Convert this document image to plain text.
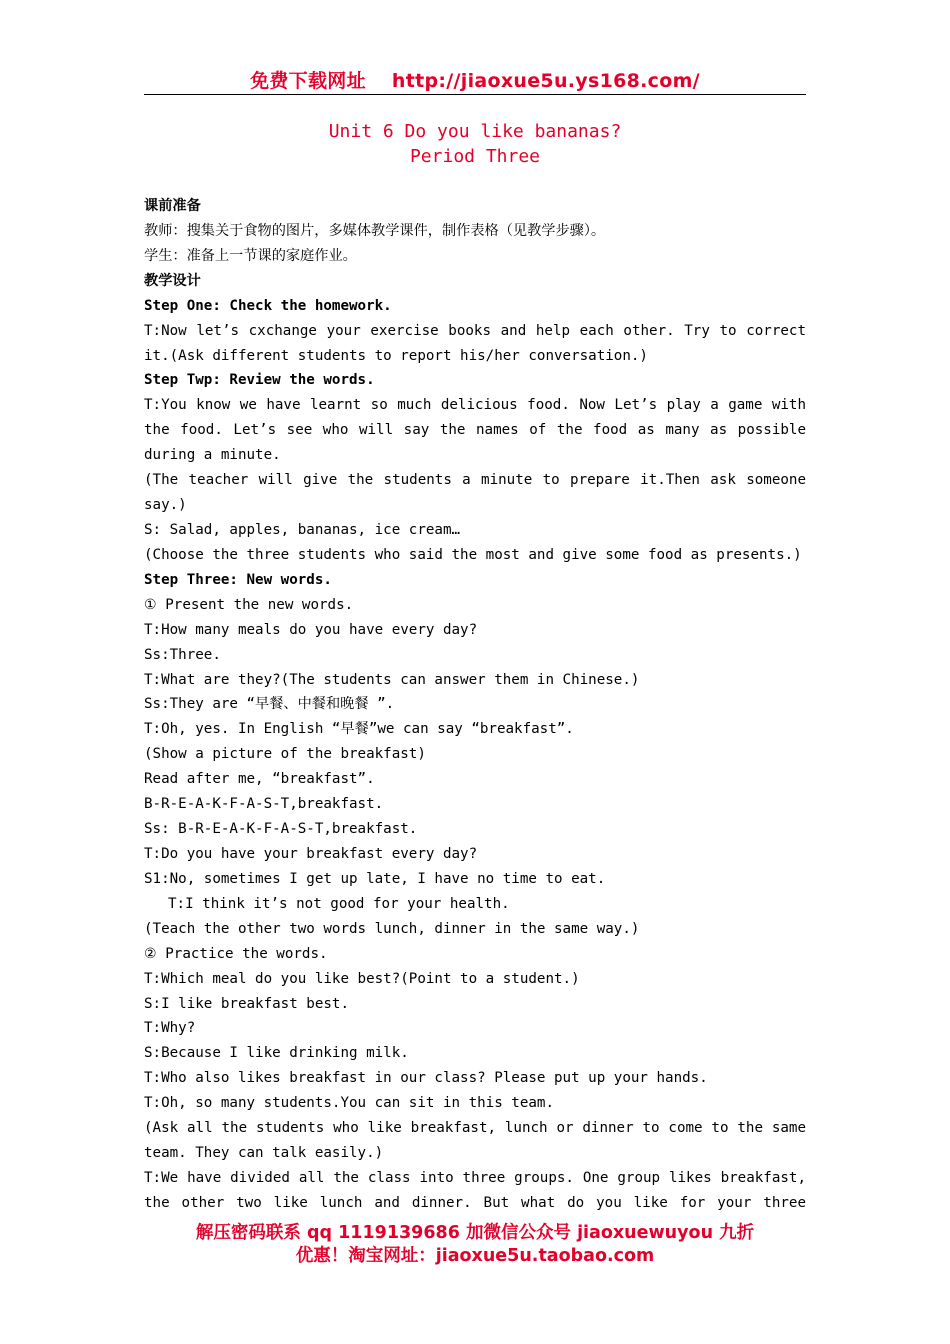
免费下载网址 http://jiaoxue5u.ys168.com/
Unit 6 Do you like bananas?
Period Three
课前准备
教师：搜集关于食物的图片，多媒体教学课件，制作表格（见教学步骤）。
学生：准备上一节课的家庭作业。
教学设计
Step One: Check the homework.
T:Now let’s cxchange your exercise books and help each other. Try to correct
it.(Ask different students to report his/her conversation.)
Step Twp: Review the words.
T:You know we have learnt so much delicious food. Now Let’s play a game with
the food. Let’s see who will say the names of the food as many as possible
during a minute.
(The teacher will give the students a minute to prepare it.Then ask someone
say.)
S: Salad, apples, bananas, ice cream…
(Choose the three students who said the most and give some food as presents.)
Step Three: New words.
① Present the new words.
T:How many meals do you have every day?
Ss:Three.
T:What are they?(The students can answer them in Chinese.)
Ss:They are “早餐、中餐和晚餐 ”.
T:Oh, yes. In English “早餐”we can say “breakfast”.
(Show a picture of the breakfast)
Read after me, “breakfast”.
B-R-E-A-K-F-A-S-T,breakfast.
Ss: B-R-E-A-K-F-A-S-T,breakfast.
T:Do you have your breakfast every day?
S1:No, sometimes I get up late, I have no time to eat.
T:I think it’s not good for your health.
(Teach the other two words lunch, dinner in the same way.)
② Practice the words.
T:Which meal do you like best?(Point to a student.)
S:I like breakfast best.
T:Why?
S:Because I like drinking milk.
T:Who also likes breakfast in our class? Please put up your hands.
T:Oh, so many students.You can sit in this team.
(Ask all the students who like breakfast, lunch or dinner to come to the same
team. They can talk easily.)
T:We have divided all the class into three groups. One group likes breakfast,
the other two like lunch and dinner. But what do you like for your three
解压密码联系 qq 1119139686 加微信公众号 jiaoxuewuyou 九折
优惠！淘宝网址：jiaoxue5u.taobao.com
